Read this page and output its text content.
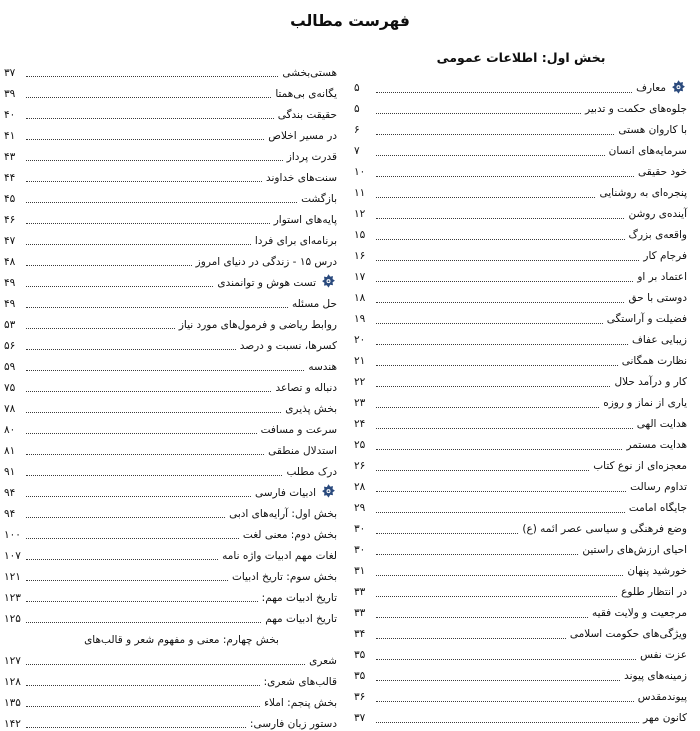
فهرست مطالب
بخش اول: اطلاعات عمومی
معارف
۵
جلوه‌های حکمت و تدبیر
۵
با کاروان هستی
۶
سرمایه‌های انسان
۷
خود حقیقی
۱۰
پنجره‌ای به روشنایی
۱۱
آینده‌ی روشن
۱۲
واقعه‌ی بزرگ
۱۵
فرجام کار
۱۶
اعتماد بر او
۱۷
دوستی با حق
۱۸
فضیلت و آراستگی
۱۹
زیبایی عفاف
۲۰
نظارت همگانی
۲۱
کار و درآمد حلال
۲۲
یاری از نماز و روزه
۲۳
هدایت الهی
۲۴
هدایت مستمر
۲۵
معجزه‌ای از نوع کتاب
۲۶
تداوم رسالت
۲۸
جایگاه امامت
۲۹
وضع فرهنگی و سیاسی عصر ائمه (ع)
۳۰
احیای ارزش‌های راستین
۳۰
خورشید پنهان
۳۱
در انتظار طلوع
۳۳
مرجعیت و ولایت فقیه
۳۳
ویژگی‌های حکومت اسلامی
۳۴
عزت نفس
۳۵
زمینه‌های پیوند
۳۵
پیوندمقدس
۳۶
کانون مهر
۳۷
هستی‌بخشی
۳۷
یگانه‌ی بی‌همتا
۳۹
حقیقت بندگی
۴۰
در مسیر اخلاص
۴۱
قدرت پرداز
۴۳
سنت‌های خداوند
۴۴
بازگشت
۴۵
پایه‌های استوار
۴۶
برنامه‌ای برای فردا
۴۷
درس ۱۵ - زندگی در دنیای امروز
۴۸
تست هوش و توانمندی
۴۹
حل مسئله
۴۹
روابط ریاضی و فرمول‌های مورد نیاز
۵۳
کسرها، نسبت و درصد
۵۶
هندسه
۵۹
دنباله و تصاعد
۷۵
بخش پذیری
۷۸
سرعت و مسافت
۸۰
استدلال منطقی
۸۱
درک مطلب
۹۱
ادبیات فارسی
۹۴
بخش اول: آرایه‌های ادبی
۹۴
بخش دوم: معنی لغت
۱۰۰
لغات مهم ادبیات واژه نامه
۱۰۷
بخش سوم: تاریخ ادبیات
۱۲۱
تاریخ ادبیات مهم:
۱۲۳
تاریخ ادبیات مهم
۱۲۵
بخش چهارم: معنی و مفهوم شعر و قالب‌های
شعری
۱۲۷
قالب‌های شعری:
۱۲۸
بخش پنجم: املاء
۱۳۵
دستور زبان فارسی:
۱۴۲
